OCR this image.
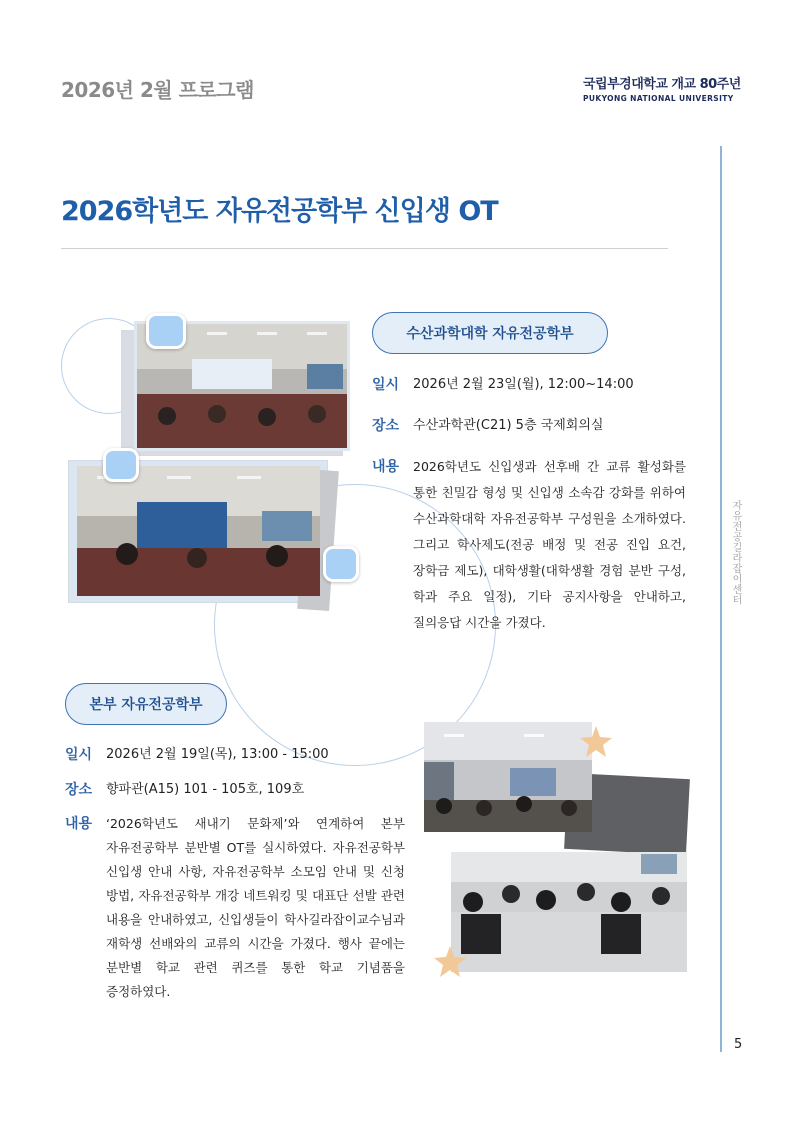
2026년 2월 프로그램	국립부경대학교 개교 80주년
PUKYONG NATIONAL UNIVERSITY
자유전공길라잡이센터
5
2026학년도 자유전공학부 신입생 OT
수산과학대학 자유전공학부
일시	2026년 2월 23일(월), 12:00~14:00
장소	수산과학관(C21) 5층 국제회의실
내용	2026학년도 신입생과 선후배 간 교류 활성화를 통한 친밀감 형성 및 신입생 소속감 강화를 위하여 수산과학대학 자유전공학부 구성원을 소개하였다. 그리고 학사제도(전공 배정 및 전공 진입 요건, 장학금 제도), 대학생활(대학생활 경험 분반 구성, 학과 주요 일정), 기타 공지사항을 안내하고, 질의응답 시간을 가졌다.
본부 자유전공학부
일시	2026년 2월 19일(목), 13:00 - 15:00
장소	향파관(A15) 101 - 105호, 109호
내용	‘2026학년도 새내기 문화제’와 연계하여 본부 자유전공학부 분반별 OT를 실시하였다. 자유전공학부 신입생 안내 사항, 자유전공학부 소모임 안내 및 신청 방법, 자유전공학부 개강 네트워킹 및 대표단 선발 관련 내용을 안내하였고, 신입생들이 학사길라잡이교수님과 재학생 선배와의 교류의 시간을 가졌다. 행사 끝에는 분반별 학교 관련 퀴즈를 통한 학교 기념품을 증정하였다.
